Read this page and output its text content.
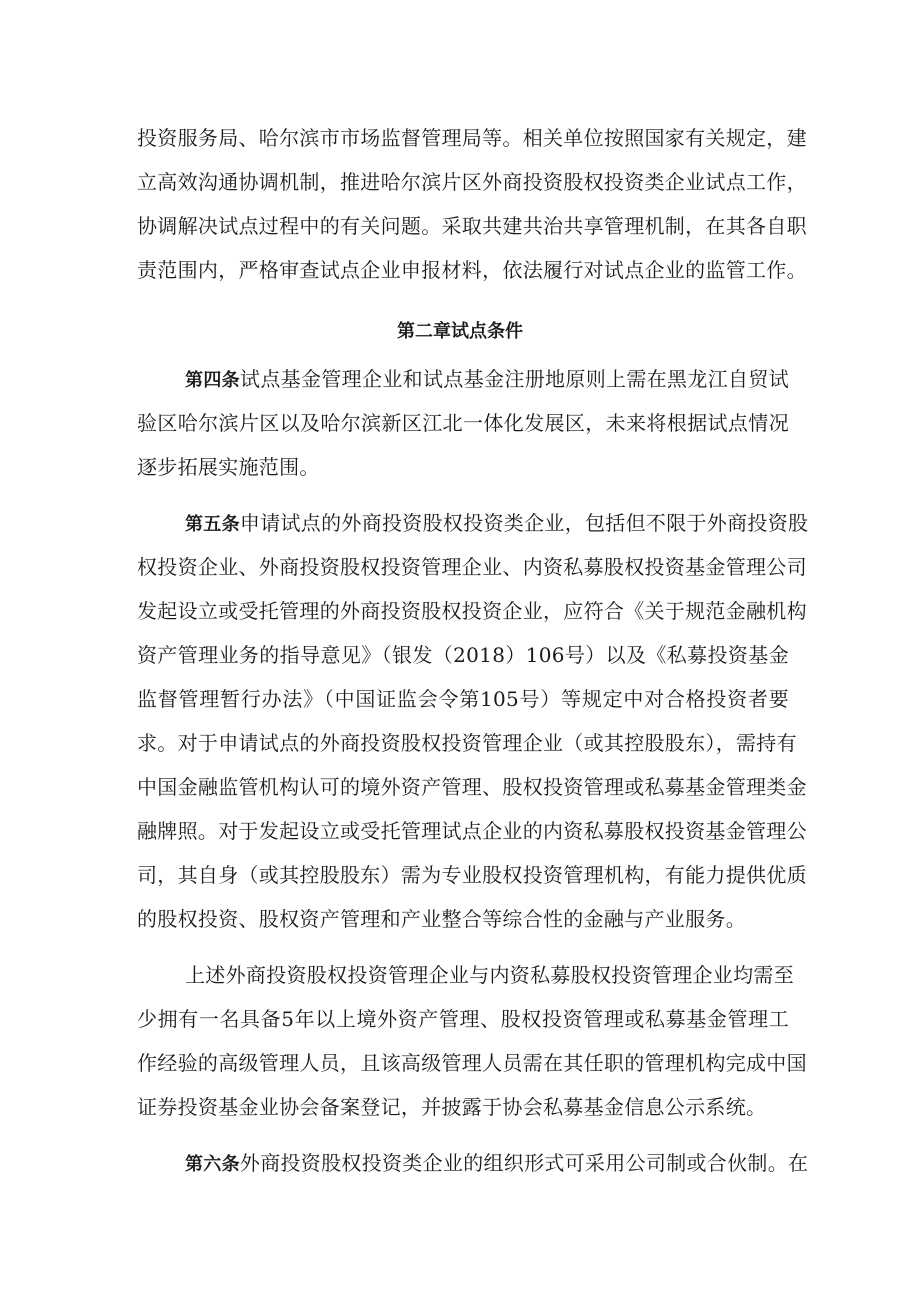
投资服务局、哈尔滨市市场监督管理局等。相关单位按照国家有关规定，建
立高效沟通协调机制，推进哈尔滨片区外商投资股权投资类企业试点工作，
协调解决试点过程中的有关问题。采取共建共治共享管理机制，在其各自职
责范围内，严格审查试点企业申报材料，依法履行对试点企业的监管工作。
第二章试点条件
第四条试点基金管理企业和试点基金注册地原则上需在黑龙江自贸试
验区哈尔滨片区以及哈尔滨新区江北一体化发展区，未来将根据试点情况
逐步拓展实施范围。
第五条申请试点的外商投资股权投资类企业，包括但不限于外商投资股
权投资企业、外商投资股权投资管理企业、内资私募股权投资基金管理公司
发起设立或受托管理的外商投资股权投资企业，应符合《关于规范金融机构
资产管理业务的指导意见》（银发（2018）106号）以及《私募投资基金
监督管理暂行办法》（中国证监会令第105号）等规定中对合格投资者要
求。对于申请试点的外商投资股权投资管理企业（或其控股股东），需持有
中国金融监管机构认可的境外资产管理、股权投资管理或私募基金管理类金
融牌照。对于发起设立或受托管理试点企业的内资私募股权投资基金管理公
司，其自身（或其控股股东）需为专业股权投资管理机构，有能力提供优质
的股权投资、股权资产管理和产业整合等综合性的金融与产业服务。
上述外商投资股权投资管理企业与内资私募股权投资管理企业均需至
少拥有一名具备5年以上境外资产管理、股权投资管理或私募基金管理工
作经验的高级管理人员，且该高级管理人员需在其任职的管理机构完成中国
证券投资基金业协会备案登记，并披露于协会私募基金信息公示系统。
第六条外商投资股权投资类企业的组织形式可采用公司制或合伙制。在
